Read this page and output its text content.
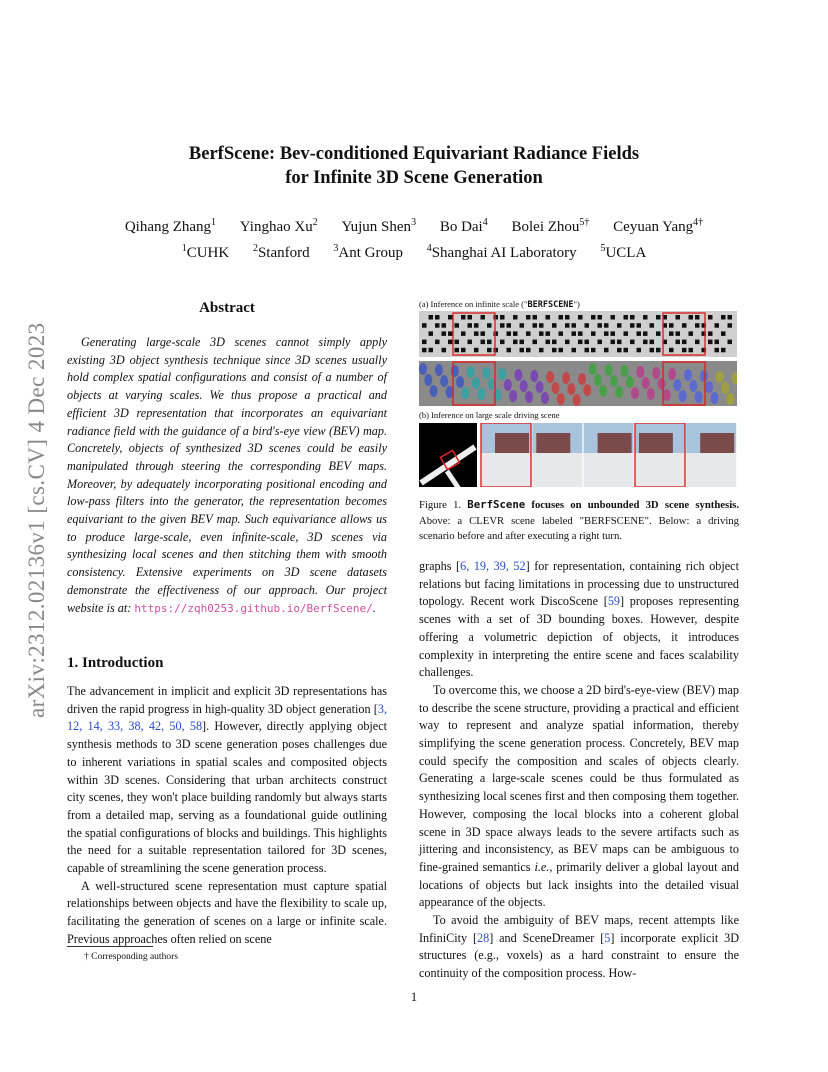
arXiv:2312.02136v1 [cs.CV] 4 Dec 2023
BerfScene: Bev-conditioned Equivariant Radiance Fields
for Infinite 3D Scene Generation
Qihang Zhang$^1$ Yinghao Xu$^2$ Yujun Shen$^3$ Bo Dai$^4$ Bolei Zhou$^{5\dagger}$ Ceyuan Yang$^{4\dagger}$
$^1$CUHK $^2$Stanford $^3$Ant Group $^4$Shanghai AI Laboratory $^5$UCLA
Abstract
Generating large-scale 3D scenes cannot simply apply existing 3D object synthesis technique since 3D scenes usually hold complex spatial configurations and consist of a number of objects at varying scales. We thus propose a practical and efficient 3D representation that incorporates an equivariant radiance field with the guidance of a bird's-eye view (BEV) map. Concretely, objects of synthesized 3D scenes could be easily manipulated through steering the corresponding BEV maps. Moreover, by adequately incorporating positional encoding and low-pass filters into the generator, the representation becomes equivariant to the given BEV map. Such equivariance allows us to produce large-scale, even infinite-scale, 3D scenes via synthesizing local scenes and then stitching them with smooth consistency. Extensive experiments on 3D scene datasets demonstrate the effectiveness of our approach. Our project website is at: https://zqh0253.github.io/BerfScene/.
1. Introduction

The advancement in implicit and explicit 3D representations has driven the rapid progress in high-quality 3D object generation [3, 12, 14, 33, 38, 42, 50, 58]. However, directly applying object synthesis methods to 3D scene generation poses challenges due to inherent variations in spatial scales and composited objects within 3D scenes. Considering that urban architects construct city scenes, they won't place building randomly but always starts from a detailed map, serving as a foundational guide outlining the spatial configurations of blocks and buildings. This highlights the need for a suitable representation tailored for 3D scenes, capable of streamlining the scene generation process.

A well-structured scene representation must capture spatial relationships between objects and have the flexibility to scale up, facilitating the generation of scenes on a large or infinite scale. Previous approaches often relied on scene

† Corresponding authors
1
(a) Inference on infinite scale ("BERFSCENE")
(b) Inference on large scale driving scene
Figure 1. BerfScene focuses on unbounded 3D scene synthesis. Above: a CLEVR scene labeled "BERFSCENE". Below: a driving scenario before and after executing a right turn.

graphs [6, 19, 39, 52] for representation, containing rich object relations but facing limitations in processing due to unstructured topology. Recent work DiscoScene [59] proposes representing scenes with a set of 3D bounding boxes. However, despite offering a volumetric depiction of objects, it introduces complexity in interpreting the entire scene and faces scalability challenges.

To overcome this, we choose a 2D bird's-eye-view (BEV) map to describe the scene structure, providing a practical and efficient way to represent and analyze spatial information, thereby simplifying the scene generation process. Concretely, BEV map could specify the composition and scales of objects clearly. Generating a large-scale scenes could be thus formulated as synthesizing local scenes first and then composing them together. However, composing the local blocks into a coherent global scene in 3D space always leads to the severe artifacts such as jittering and inconsistency, as BEV maps can be ambiguous to fine-grained semantics i.e., primarily deliver a global layout and locations of objects but lack insights into the detailed visual appearance of the objects.

To avoid the ambiguity of BEV maps, recent attempts like InfiniCity [28] and SceneDreamer [5] incorporate explicit 3D structures (e.g., voxels) as a hard constraint to ensure the continuity of the composition process. How-
